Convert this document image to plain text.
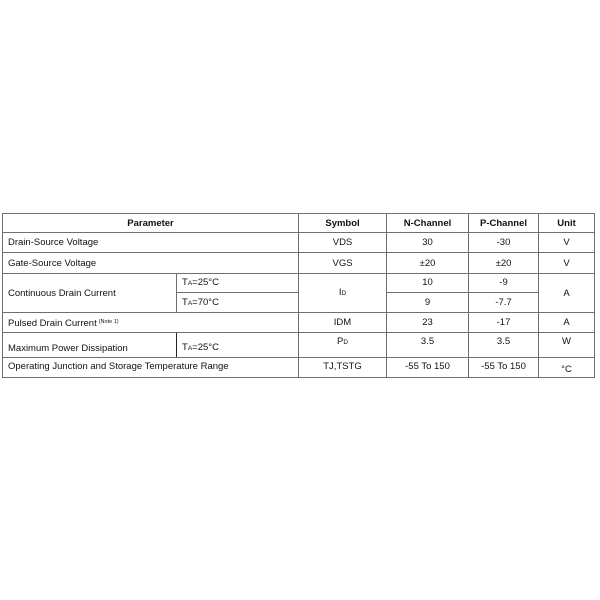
Parameter		Symbol	N-Channel	P-Channel	Unit
Drain-Source Voltage		VDS	30	-30	V
Gate-Source Voltage		VGS	±20	±20	V
Continuous Drain Current	TA=25°C	ID	10	-9	A
	TA=70°C		9	-7.7	
Pulsed Drain Current $^{(Note 1)}$		IDM	23	-17	A
Maximum Power Dissipation	TA=25°C	PD	3.5	3.5	W
Operating Junction and Storage Temperature Range		TJ,TSTG	-55 To 150	-55 To 150	°C
